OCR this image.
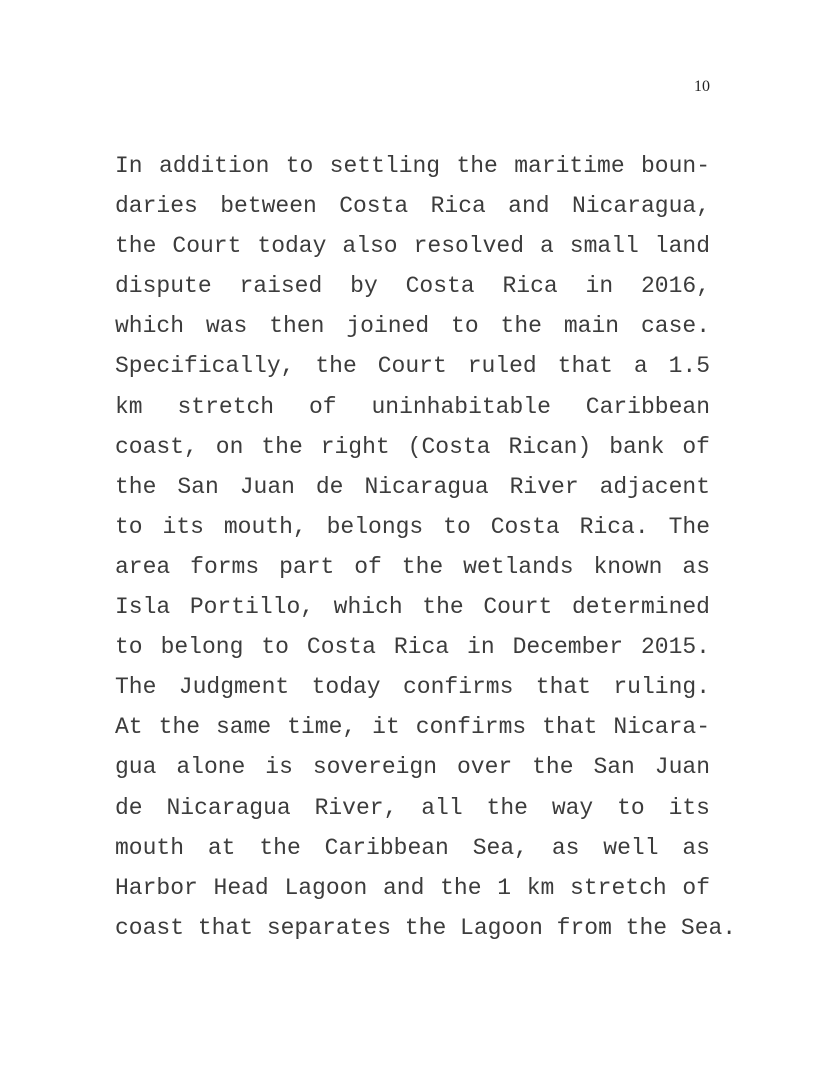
10
In addition to settling the maritime boun-
daries between Costa Rica and Nicaragua,
the Court today also resolved a small land
dispute raised by Costa Rica in 2016,
which was then joined to the main case.
Specifically, the Court ruled that a 1.5
km stretch of uninhabitable Caribbean
coast, on the right (Costa Rican) bank of
the San Juan de Nicaragua River adjacent
to its mouth, belongs to Costa Rica. The
area forms part of the wetlands known as
Isla Portillo, which the Court determined
to belong to Costa Rica in December 2015.
The Judgment today confirms that ruling.
At the same time, it confirms that Nicara-
gua alone is sovereign over the San Juan
de Nicaragua River, all the way to its
mouth at the Caribbean Sea, as well as
Harbor Head Lagoon and the 1 km stretch of
coast that separates the Lagoon from the Sea.
